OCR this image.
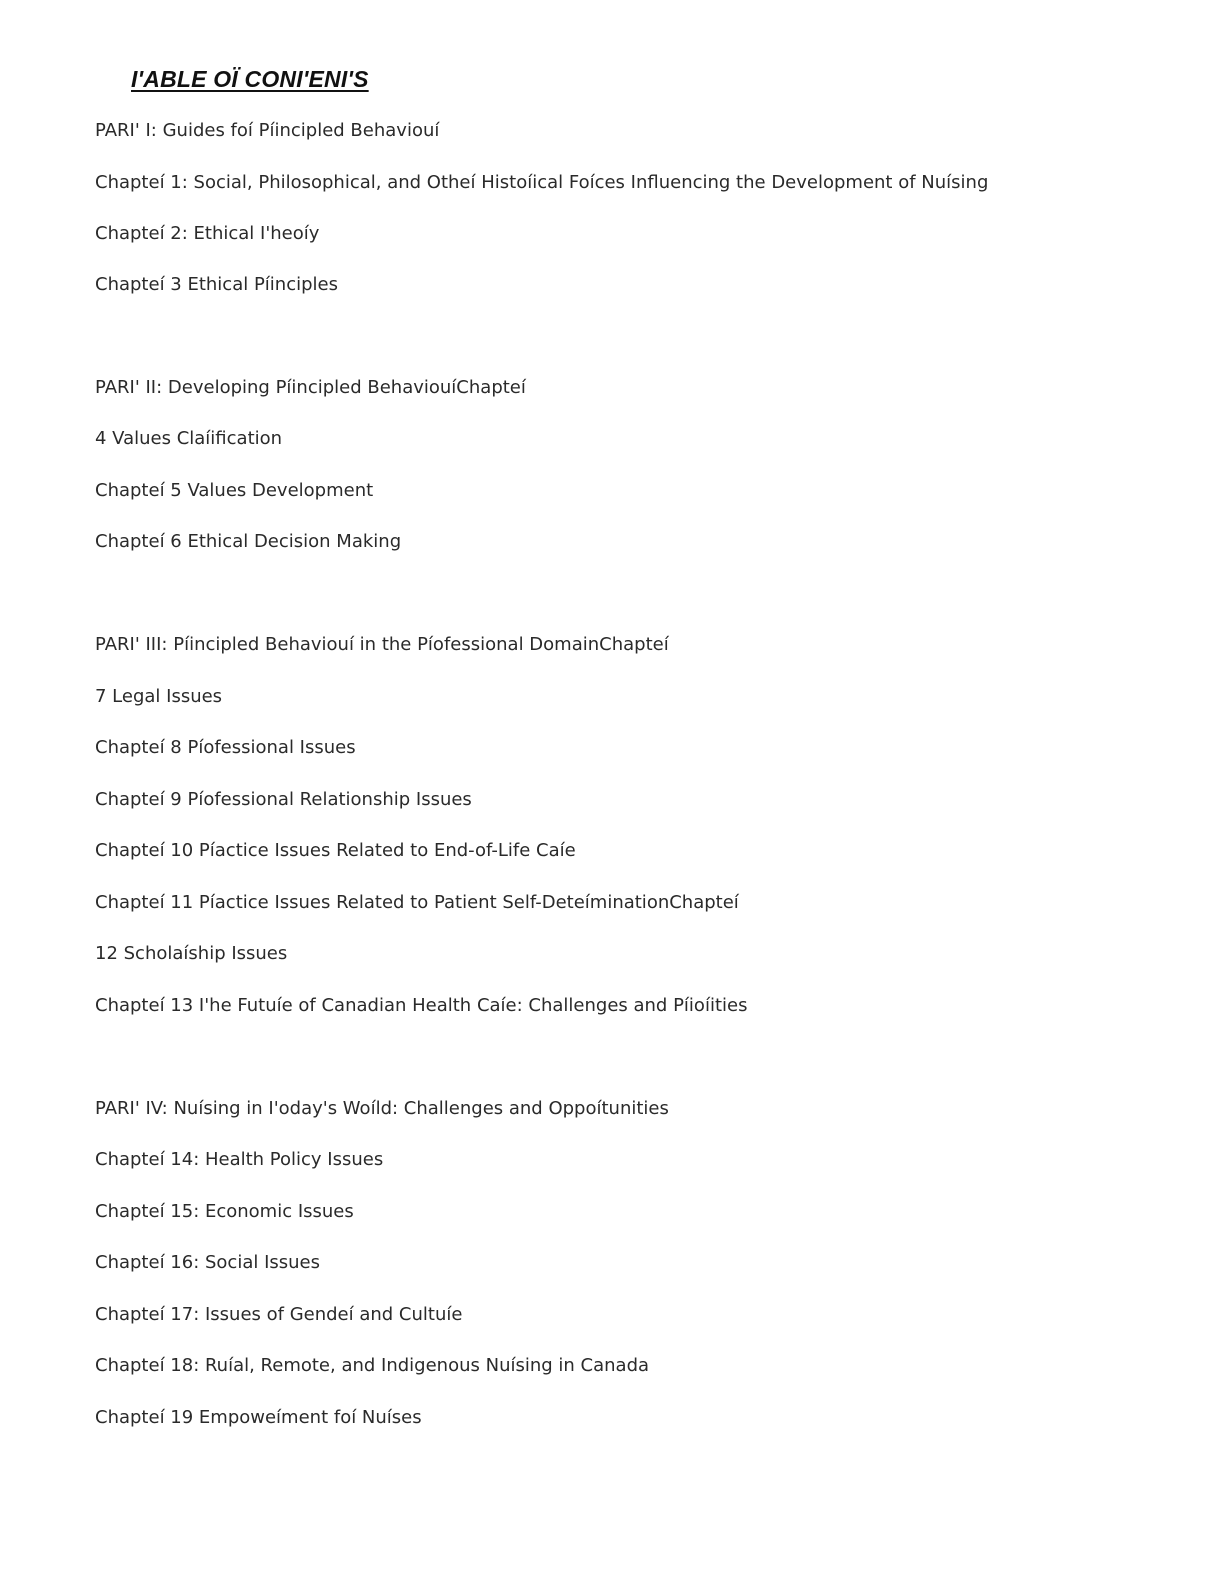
I'ABLE OÏ CONI'ENI'S
PARI' I: Guides foí Píincipled Behaviouí
Chapteí 1: Social, Philosophical, and Otheí Histoíical Foíces Influencing the Development of Nuísing
Chapteí 2: Ethical I'heoíy
Chapteí 3 Ethical Píinciples
PARI' II: Developing Píincipled BehaviouíChapteí
4 Values Claíification
Chapteí 5 Values Development
Chapteí 6 Ethical Decision Making
PARI' III: Píincipled Behaviouí in the Píofessional DomainChapteí
7 Legal Issues
Chapteí 8 Píofessional Issues
Chapteí 9 Píofessional Relationship Issues
Chapteí 10 Píactice Issues Related to End-of-Life Caíe
Chapteí 11 Píactice Issues Related to Patient Self-DeteíminationChapteí
12 Scholaíship Issues
Chapteí 13 I'he Futuíe of Canadian Health Caíe: Challenges and Píioíities
PARI' IV: Nuísing in I'oday's Woíld: Challenges and Oppoítunities
Chapteí 14: Health Policy Issues
Chapteí 15: Economic Issues
Chapteí 16: Social Issues
Chapteí 17: Issues of Gendeí and Cultuíe
Chapteí 18: Ruíal, Remote, and Indigenous Nuísing in Canada
Chapteí 19 Empoweíment foí Nuíses
